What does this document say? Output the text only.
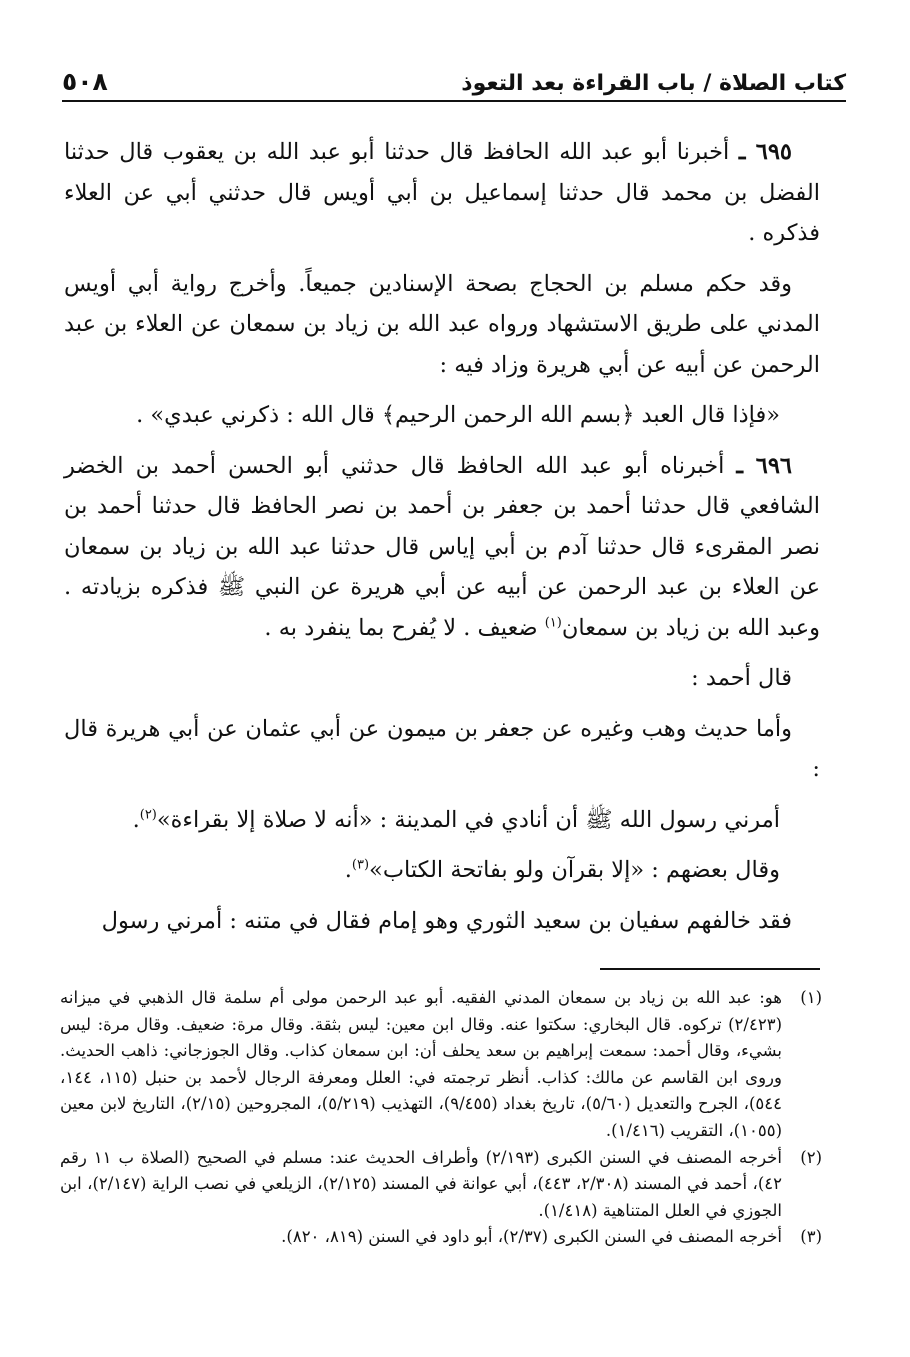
كتاب الصلاة / باب القراءة بعد التعوذ
٥٠٨

٦٩٥ ـ أخبرنا أبو عبد الله الحافظ قال حدثنا أبو عبد الله بن يعقوب قال حدثنا الفضل بن محمد قال حدثنا إسماعيل بن أبي أويس قال حدثني أبي عن العلاء فذكره .

وقد حكم مسلم بن الحجاج بصحة الإسنادين جميعاً. وأخرج رواية أبي أويس المدني على طريق الاستشهاد ورواه عبد الله بن زياد بن سمعان عن العلاء بن عبد الرحمن عن أبيه عن أبي هريرة وزاد فيه :

«فإذا قال العبد ﴿بسم الله الرحمن الرحيم﴾ قال الله : ذكرني عبدي» .

٦٩٦ ـ أخبرناه أبو عبد الله الحافظ قال حدثني أبو الحسن أحمد بن الخضر الشافعي قال حدثنا أحمد بن جعفر بن أحمد بن نصر الحافظ قال حدثنا أحمد بن نصر المقرىء قال حدثنا آدم بن أبي إياس قال حدثنا عبد الله بن زياد بن سمعان عن العلاء بن عبد الرحمن عن أبيه عن أبي هريرة عن النبي ﷺ فذكره بزيادته . وعبد الله بن زياد بن سمعان$^{(١)}$ ضعيف . لا يُفرح بما ينفرد به .

قال أحمد :

وأما حديث وهب وغيره عن جعفر بن ميمون عن أبي عثمان عن أبي هريرة قال :

أمرني رسول الله ﷺ أن أنادي في المدينة : «أنه لا صلاة إلا بقراءة»$^{(٢)}$.

وقال بعضهم : «إلا بقرآن ولو بفاتحة الكتاب»$^{(٣)}$.

فقد خالفهم سفيان بن سعيد الثوري وهو إمام فقال في متنه : أمرني رسول

(١)
هو: عبد الله بن زياد بن سمعان المدني الفقيه. أبو عبد الرحمن مولى أم سلمة قال الذهبي في ميزانه (٢/٤٢٣) تركوه. قال البخاري: سكتوا عنه. وقال ابن معين: ليس بثقة. وقال مرة: ضعيف. وقال مرة: ليس بشيء، وقال أحمد: سمعت إبراهيم بن سعد يحلف أن: ابن سمعان كذاب. وقال الجوزجاني: ذاهب الحديث. وروى ابن القاسم عن مالك: كذاب. أنظر ترجمته في: العلل ومعرفة الرجال لأحمد بن حنبل (١١٥، ١٤٤، ٥٤٤)، الجرح والتعديل (٥/٦٠)، تاريخ بغداد (٩/٤٥٥)، التهذيب (٥/٢١٩)، المجروحين (٢/١٥)، التاريخ لابن معين (١٠٥٥)، التقريب (١/٤١٦).
(٢)
أخرجه المصنف في السنن الكبرى (٢/١٩٣) وأطراف الحديث عند: مسلم في الصحيح (الصلاة ب ١١ رقم ٤٢)، أحمد في المسند (٢/٣٠٨، ٤٤٣)، أبي عوانة في المسند (٢/١٢٥)، الزيلعي في نصب الراية (٢/١٤٧)، ابن الجوزي في العلل المتناهية (١/٤١٨).
(٣)
أخرجه المصنف في السنن الكبرى (٢/٣٧)، أبو داود في السنن (٨١٩، ٨٢٠).
